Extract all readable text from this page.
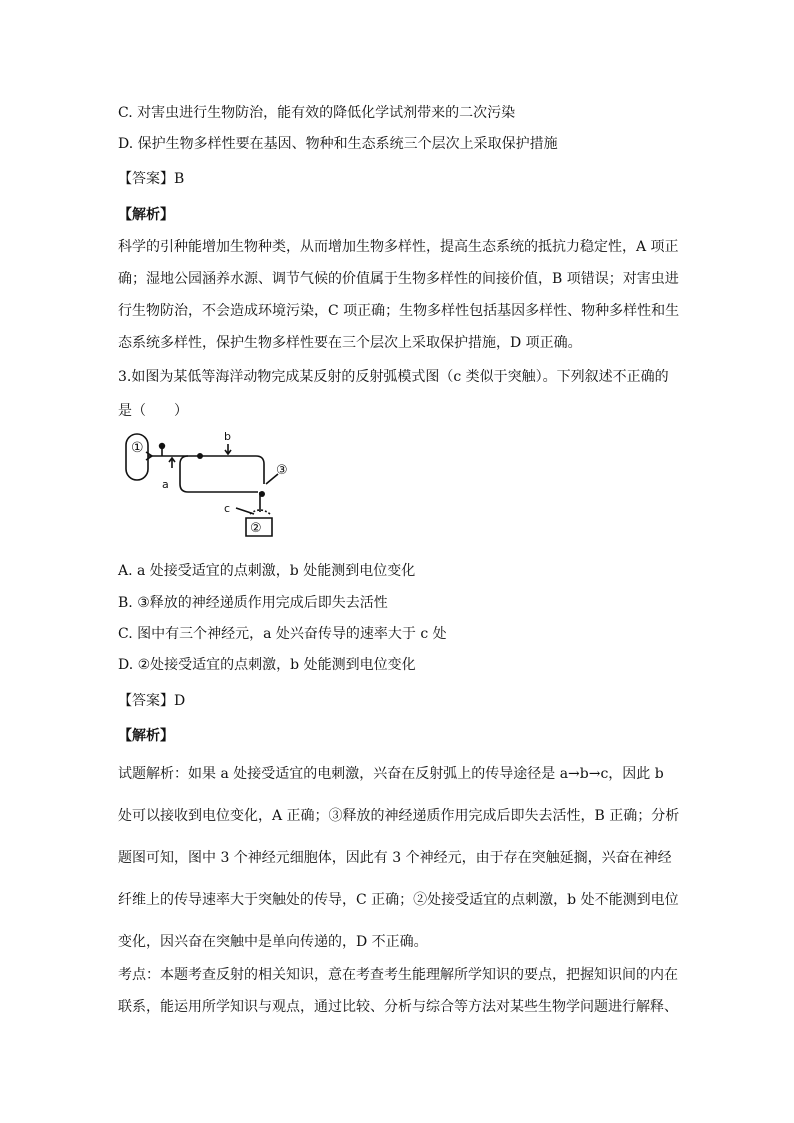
C. 对害虫进行生物防治，能有效的降低化学试剂带来的二次污染
D. 保护生物多样性要在基因、物种和生态系统三个层次上采取保护措施
【答案】B
【解析】
科学的引种能增加生物种类，从而增加生物多样性，提高生态系统的抵抗力稳定性，A 项正
确；湿地公园涵养水源、调节气候的价值属于生物多样性的间接价值，B 项错误；对害虫进
行生物防治，不会造成环境污染，C 项正确；生物多样性包括基因多样性、物种多样性和生
态系统多样性，保护生物多样性要在三个层次上采取保护措施，D 项正确。
3.如图为某低等海洋动物完成某反射的反射弧模式图（c 类似于突触）。下列叙述不正确的
是（　　）
①
b
③
a
c
②
A. a 处接受适宜的点刺激，b 处能测到电位变化
B. ③释放的神经递质作用完成后即失去活性
C. 图中有三个神经元，a 处兴奋传导的速率大于 c 处
D. ②处接受适宜的点刺激，b 处能测到电位变化
【答案】D
【解析】
试题解析：如果 a 处接受适宜的电刺激，兴奋在反射弧上的传导途径是 a→b→c，因此 b
处可以接收到电位变化，A 正确；③释放的神经递质作用完成后即失去活性，B 正确；分析
题图可知，图中 3 个神经元细胞体，因此有 3 个神经元，由于存在突触延搁，兴奋在神经
纤维上的传导速率大于突触处的传导，C 正确；②处接受适宜的点刺激，b 处不能测到电位
变化，因兴奋在突触中是单向传递的，D 不正确。
考点：本题考查反射的相关知识，意在考查考生能理解所学知识的要点，把握知识间的内在
联系，能运用所学知识与观点，通过比较、分析与综合等方法对某些生物学问题进行解释、
